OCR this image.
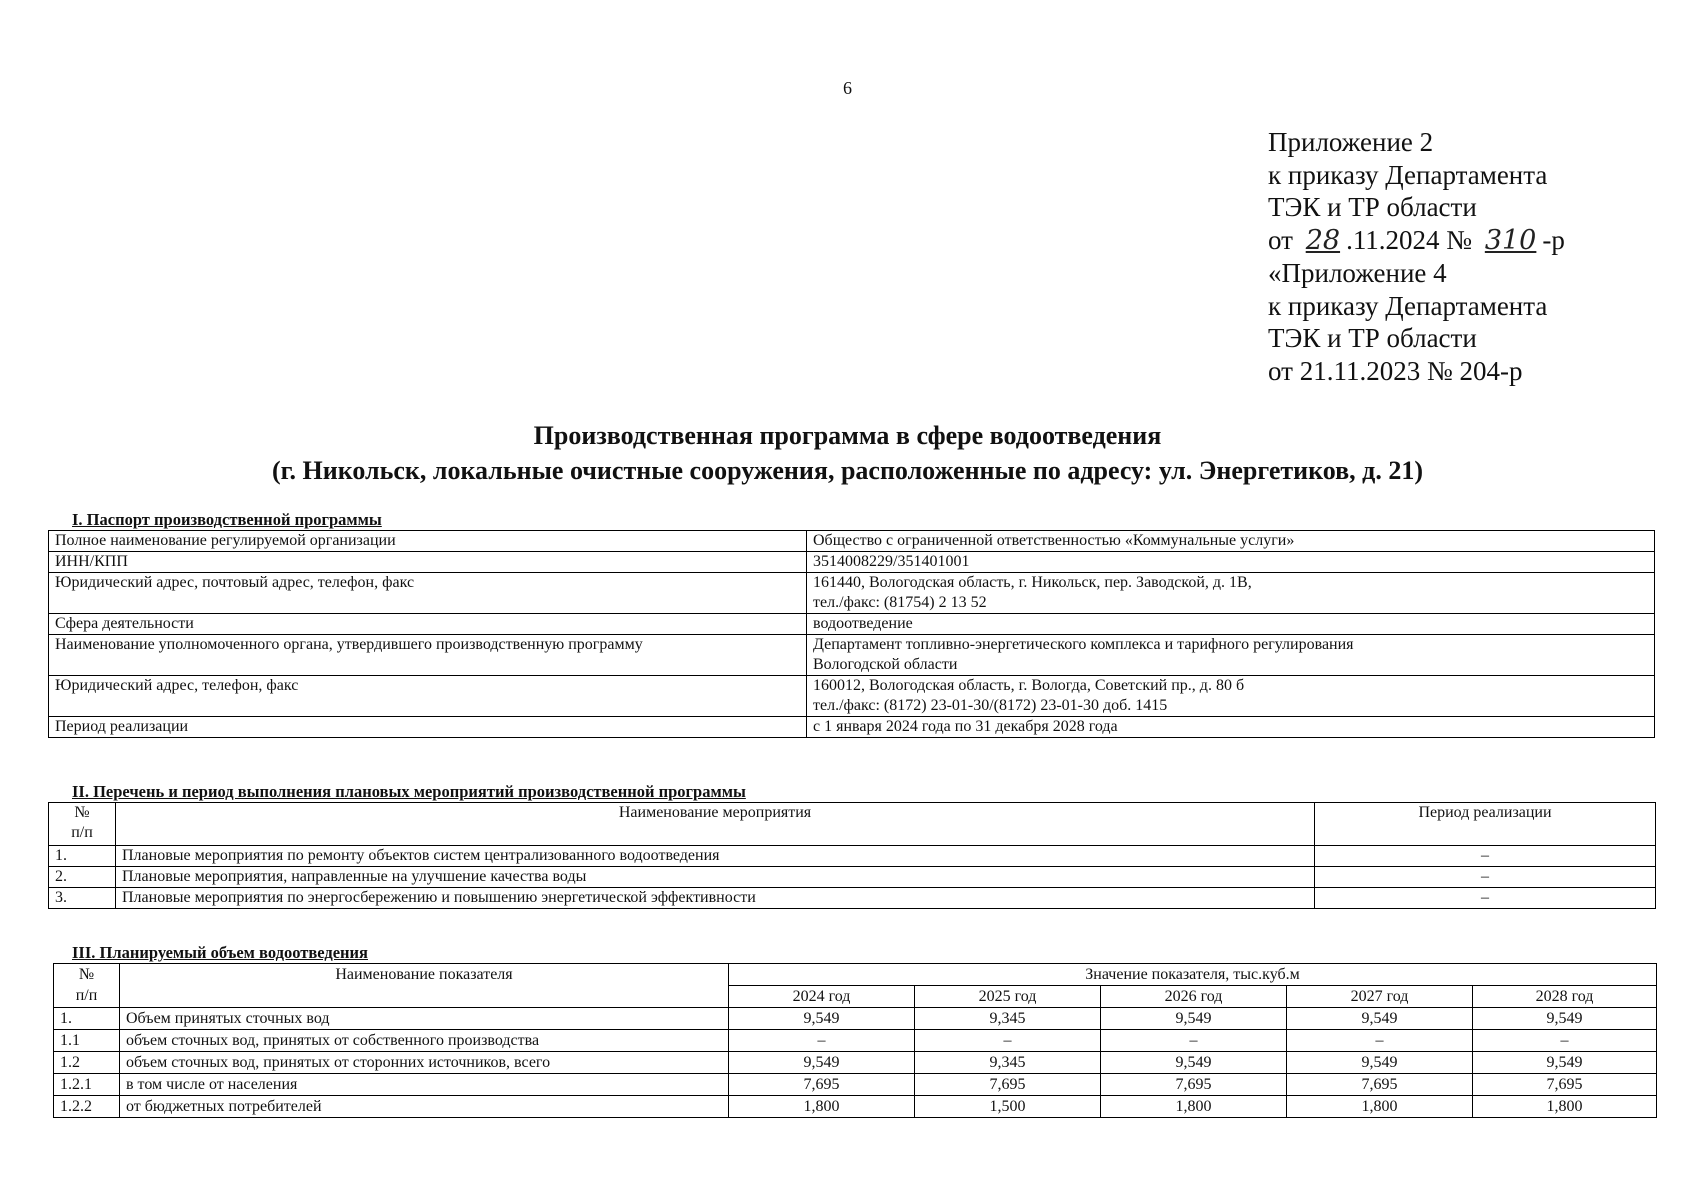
6
Приложение 2
к приказу Департамента
ТЭК и ТР области
от 28 .11.2024 № 310 -р
«Приложение 4
к приказу Департамента
ТЭК и ТР области
от 21.11.2023 № 204-р
Производственная программа в сфере водоотведения
(г. Никольск, локальные очистные сооружения, расположенные по адресу: ул. Энергетиков, д. 21)
I. Паспорт производственной программы
Полное наименование регулируемой организации	Общество с ограниченной ответственностью «Коммунальные услуги»

ИНН/КПП	3514008229/351401001

Юридический адрес, почтовый адрес, телефон, факс	161440, Вологодская область, г. Никольск, пер. Заводской, д. 1В,
тел./факс: (81754) 2 13 52

Сфера деятельности	водоотведение

Наименование уполномоченного органа, утвердившего производственную программу	Департамент топливно-энергетического комплекса и тарифного регулирования
Вологодской области

Юридический адрес, телефон, факс	160012, Вологодская область, г. Вологда, Советский пр., д. 80 б
тел./факс: (8172) 23-01-30/(8172) 23-01-30 доб. 1415

Период реализации	с 1 января 2024 года по 31 декабря 2028 года
II. Перечень и период выполнения плановых мероприятий производственной программы
№
п/п	Наименование мероприятия	Период реализации
1.	Плановые мероприятия по ремонту объектов систем централизованного водоотведения	–
2.	Плановые мероприятия, направленные на улучшение качества воды	–
3.	Плановые мероприятия по энергосбережению и повышению энергетической эффективности	–
III. Планируемый объем водоотведения
№
п/п	Наименование показателя	Значение показателя, тыс.куб.м				
		2024 год	2025 год	2026 год	2027 год	2028 год
1.	Объем принятых сточных вод	9,549	9,345	9,549	9,549	9,549
1.1	объем сточных вод, принятых от собственного производства	–	–	–	–	–
1.2	объем сточных вод, принятых от сторонних источников, всего	9,549	9,345	9,549	9,549	9,549
1.2.1	в том числе от населения	7,695	7,695	7,695	7,695	7,695
1.2.2	от бюджетных потребителей	1,800	1,500	1,800	1,800	1,800
